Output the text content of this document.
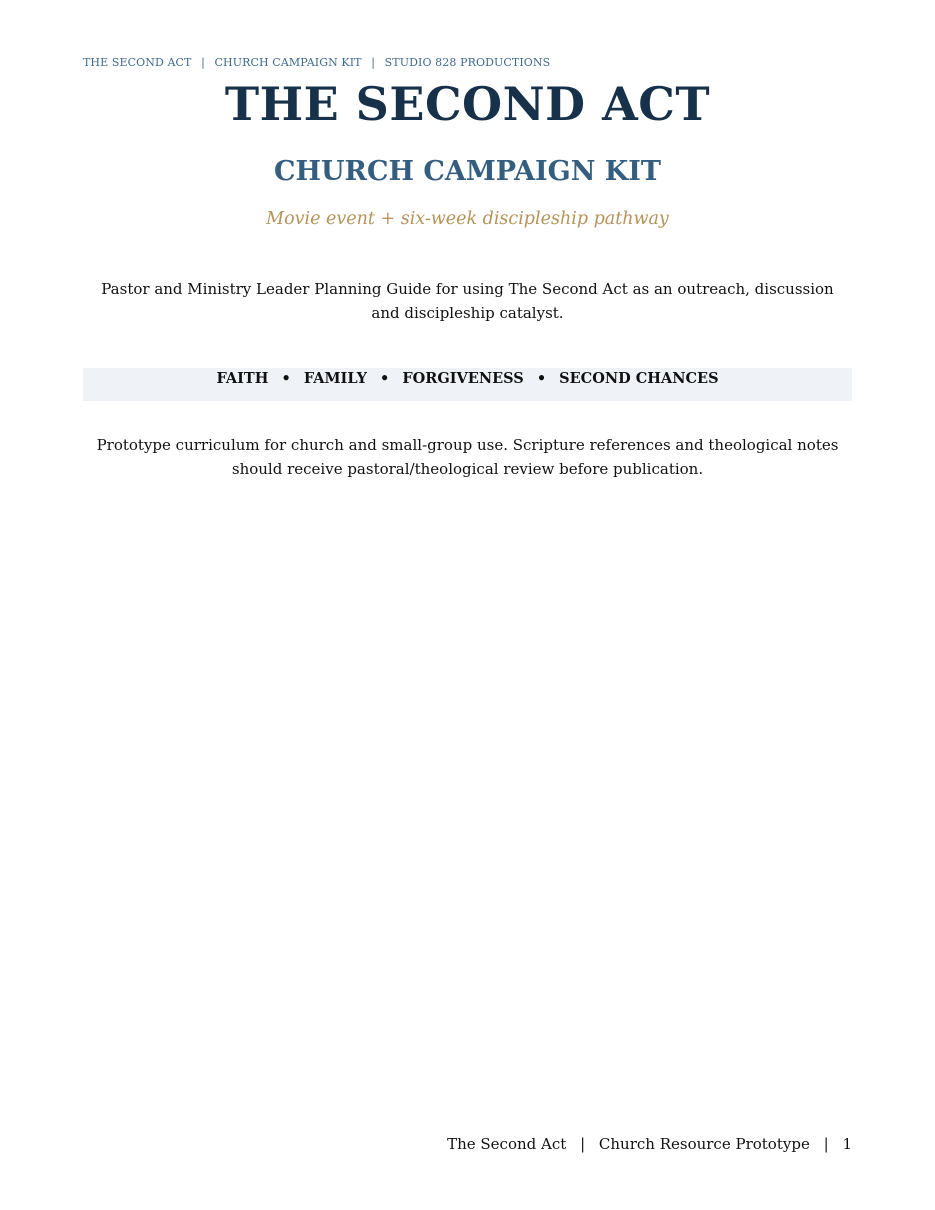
THE SECOND ACT | CHURCH CAMPAIGN KIT | STUDIO 828 PRODUCTIONS
THE SECOND ACT
CHURCH CAMPAIGN KIT

Movie event + six-week discipleship pathway

Pastor and Ministry Leader Planning Guide for using The Second Act as an outreach, discussion and discipleship catalyst.

FAITH • FAMILY • FORGIVENESS • SECOND CHANCES

Prototype curriculum for church and small-group use. Scripture references and theological notes should receive pastoral/theological review before publication.

The Second Act | Church Resource Prototype | 1
